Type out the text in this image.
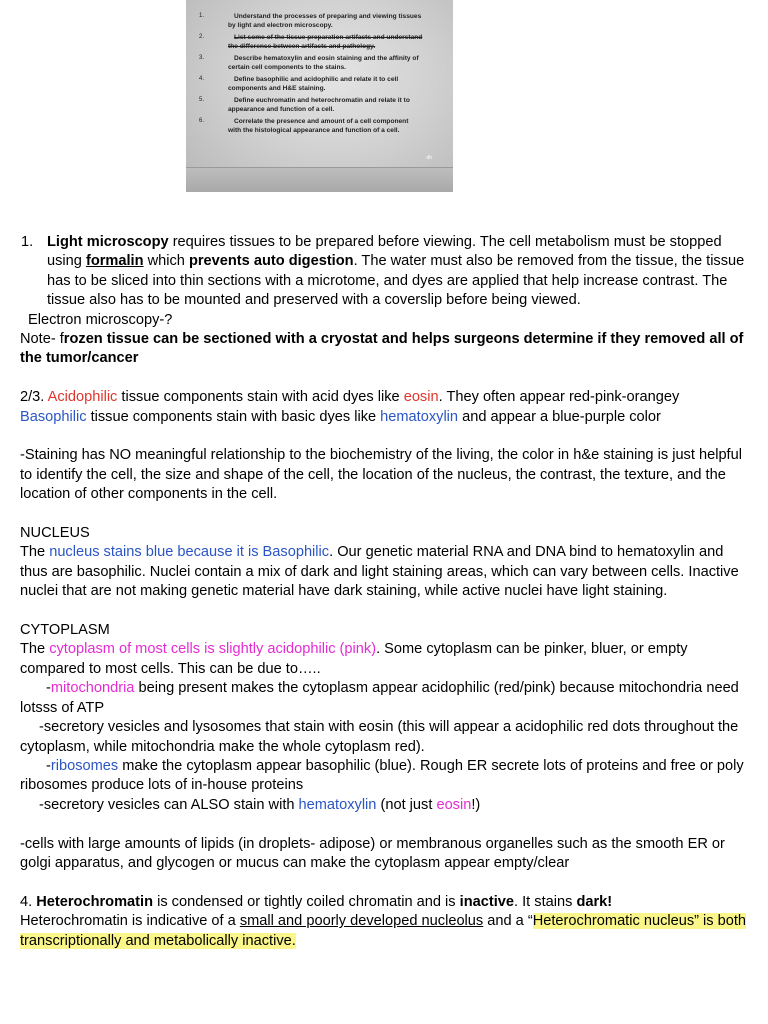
1.	Understand the processes of preparing and viewing tissues by light and electron microscopy.
2.	List some of the tissue preparation artifacts and understand the difference between artifacts and pathology.
3.	Describe hematoxylin and eosin staining and the affinity of certain cell components to the stains.
4.	Define basophilic and acidophilic and relate it to cell components and H&E staining.
5.	Define euchromatin and heterochromatin and relate it to appearance and function of a cell.
6.	Correlate the presence and amount of a cell component with the histological appearance and function of a cell.
dh

1. Light microscopy requires tissues to be prepared before viewing. The cell metabolism must be stopped using formalin which prevents auto digestion. The water must also be removed from the tissue, the tissue has to be sliced into thin sections with a microtome, and dyes are applied that help increase contrast. The tissue also has to be mounted and preserved with a coverslip before being viewed.

Electron microscopy-?

Note- frozen tissue can be sectioned with a cryostat and helps surgeons determine if they removed all of the tumor/cancer

2/3. Acidophilic tissue components stain with acid dyes like eosin. They often appear red-pink-orangey

Basophilic tissue components stain with basic dyes like hematoxylin and appear a blue-purple color

-Staining has NO meaningful relationship to the biochemistry of the living, the color in h&e staining is just helpful to identify the cell, the size and shape of the cell, the location of the nucleus, the contrast, the texture, and the location of other components in the cell.

NUCLEUS

The nucleus stains blue because it is Basophilic. Our genetic material RNA and DNA bind to hematoxylin and thus are basophilic. Nuclei contain a mix of dark and light staining areas, which can vary between cells. Inactive nuclei that are not making genetic material have dark staining, while active nuclei have light staining.

CYTOPLASM

The cytoplasm of most cells is slightly acidophilic (pink). Some cytoplasm can be pinker, bluer, or empty compared to most cells. This can be due to…..

-mitochondria being present makes the cytoplasm appear acidophilic (red/pink) because mitochondria need lotsss of ATP

-secretory vesicles and lysosomes that stain with eosin (this will appear a acidophilic red dots throughout the cytoplasm, while mitochondria make the whole cytoplasm red).

-ribosomes make the cytoplasm appear basophilic (blue). Rough ER secrete lots of proteins and free or poly ribosomes produce lots of in-house proteins

-secretory vesicles can ALSO stain with hematoxylin (not just eosin!)

-cells with large amounts of lipids (in droplets- adipose) or membranous organelles such as the smooth ER or golgi apparatus, and glycogen or mucus can make the cytoplasm appear empty/clear

4. Heterochromatin is condensed or tightly coiled chromatin and is inactive. It stains dark!

Heterochromatin is indicative of a small and poorly developed nucleolus and a “Heterochromatic nucleus” is both transcriptionally and metabolically inactive.
